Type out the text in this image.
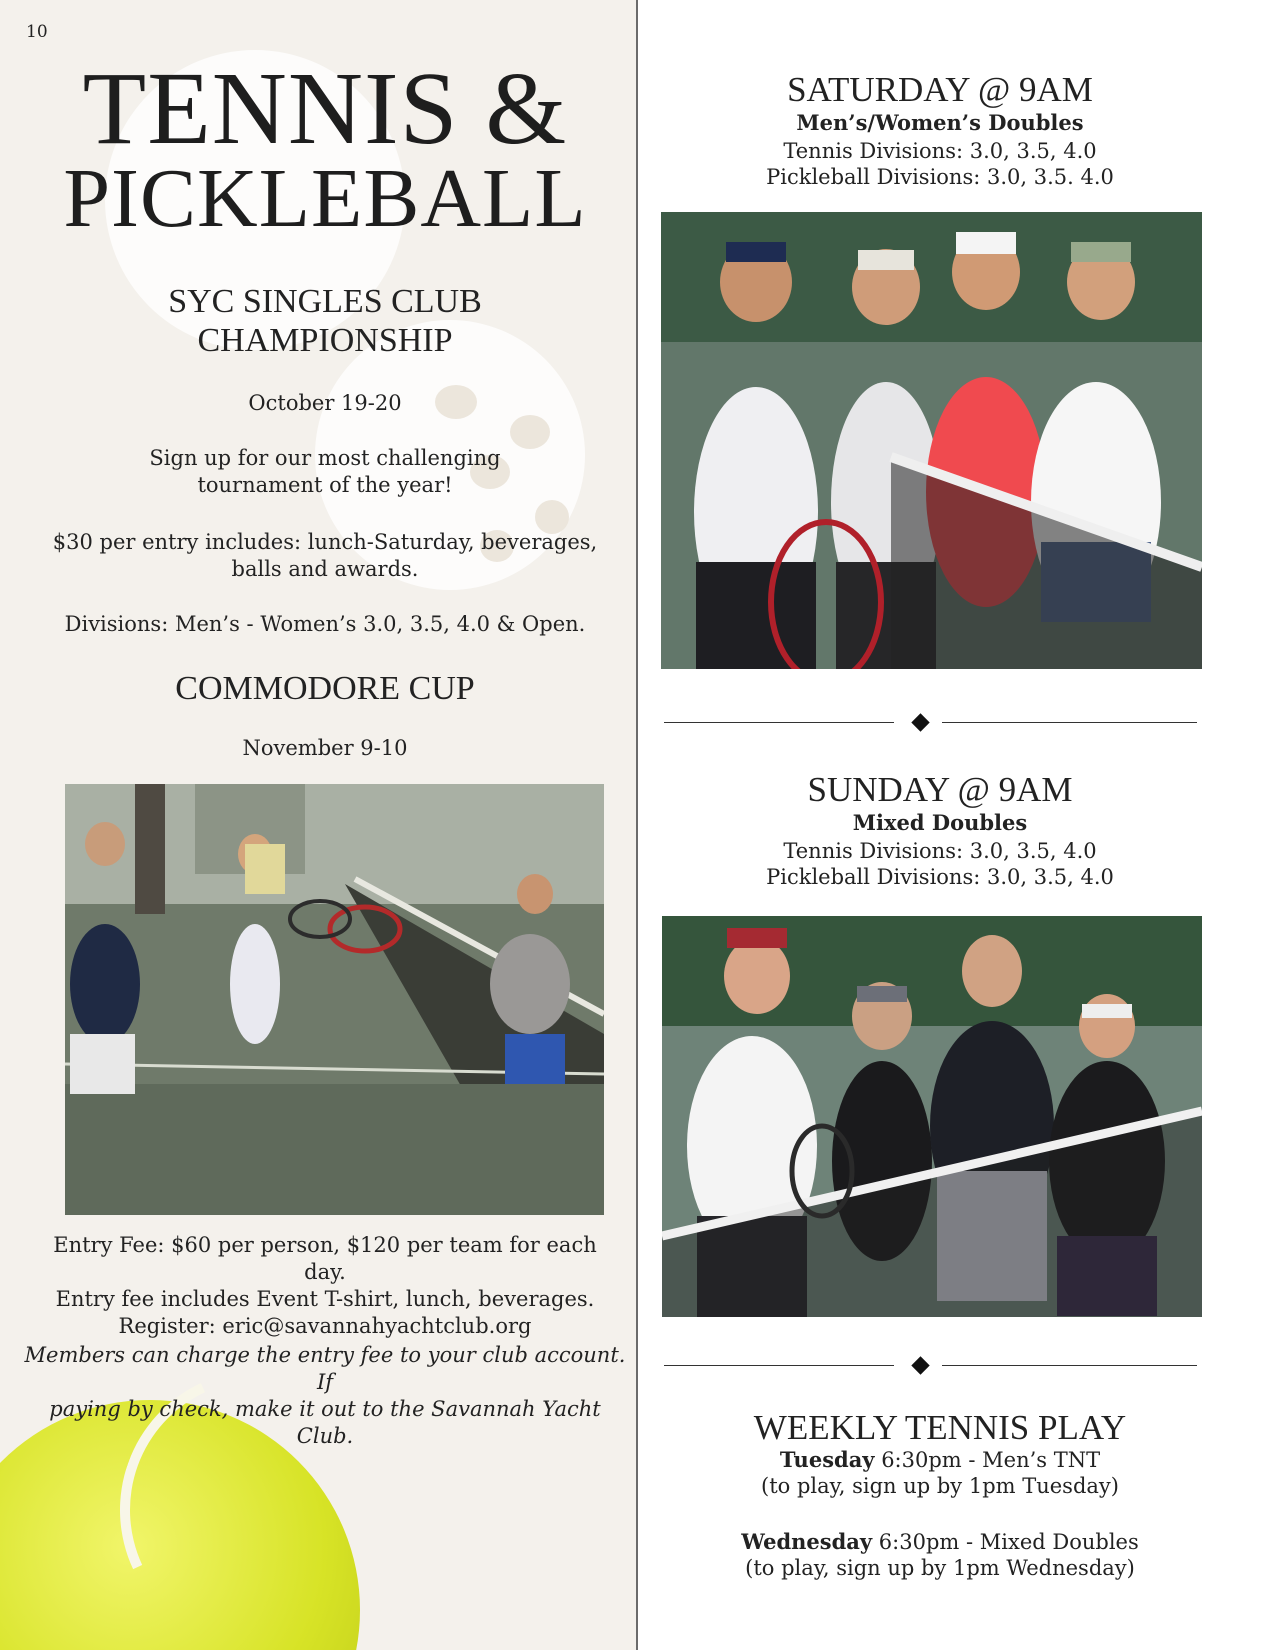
10
TENNIS &
PICKLEBALL
SYC SINGLES CLUB
CHAMPIONSHIP
October 19-20
Sign up for our most challenging
tournament of the year!
$30 per entry includes: lunch-Saturday, beverages,
balls and awards.
Divisions: Men’s - Women’s 3.0, 3.5, 4.0 & Open.
COMMODORE CUP
November 9-10
Entry Fee: $60 per person, $120 per team for each day.
Entry fee includes Event T-shirt, lunch, beverages.
Register: eric@savannahyachtclub.org
Members can charge the entry fee to your club account. If
paying by check, make it out to the Savannah Yacht Club.
SATURDAY @ 9AM
Men’s/Women’s Doubles
Tennis Divisions: 3.0, 3.5, 4.0
Pickleball Divisions: 3.0, 3.5. 4.0
SUNDAY @ 9AM
Mixed Doubles
Tennis Divisions: 3.0, 3.5, 4.0
Pickleball Divisions: 3.0, 3.5, 4.0
WEEKLY TENNIS PLAY
Tuesday 6:30pm - Men’s TNT
(to play, sign up by 1pm Tuesday)
Wednesday 6:30pm - Mixed Doubles
(to play, sign up by 1pm Wednesday)
